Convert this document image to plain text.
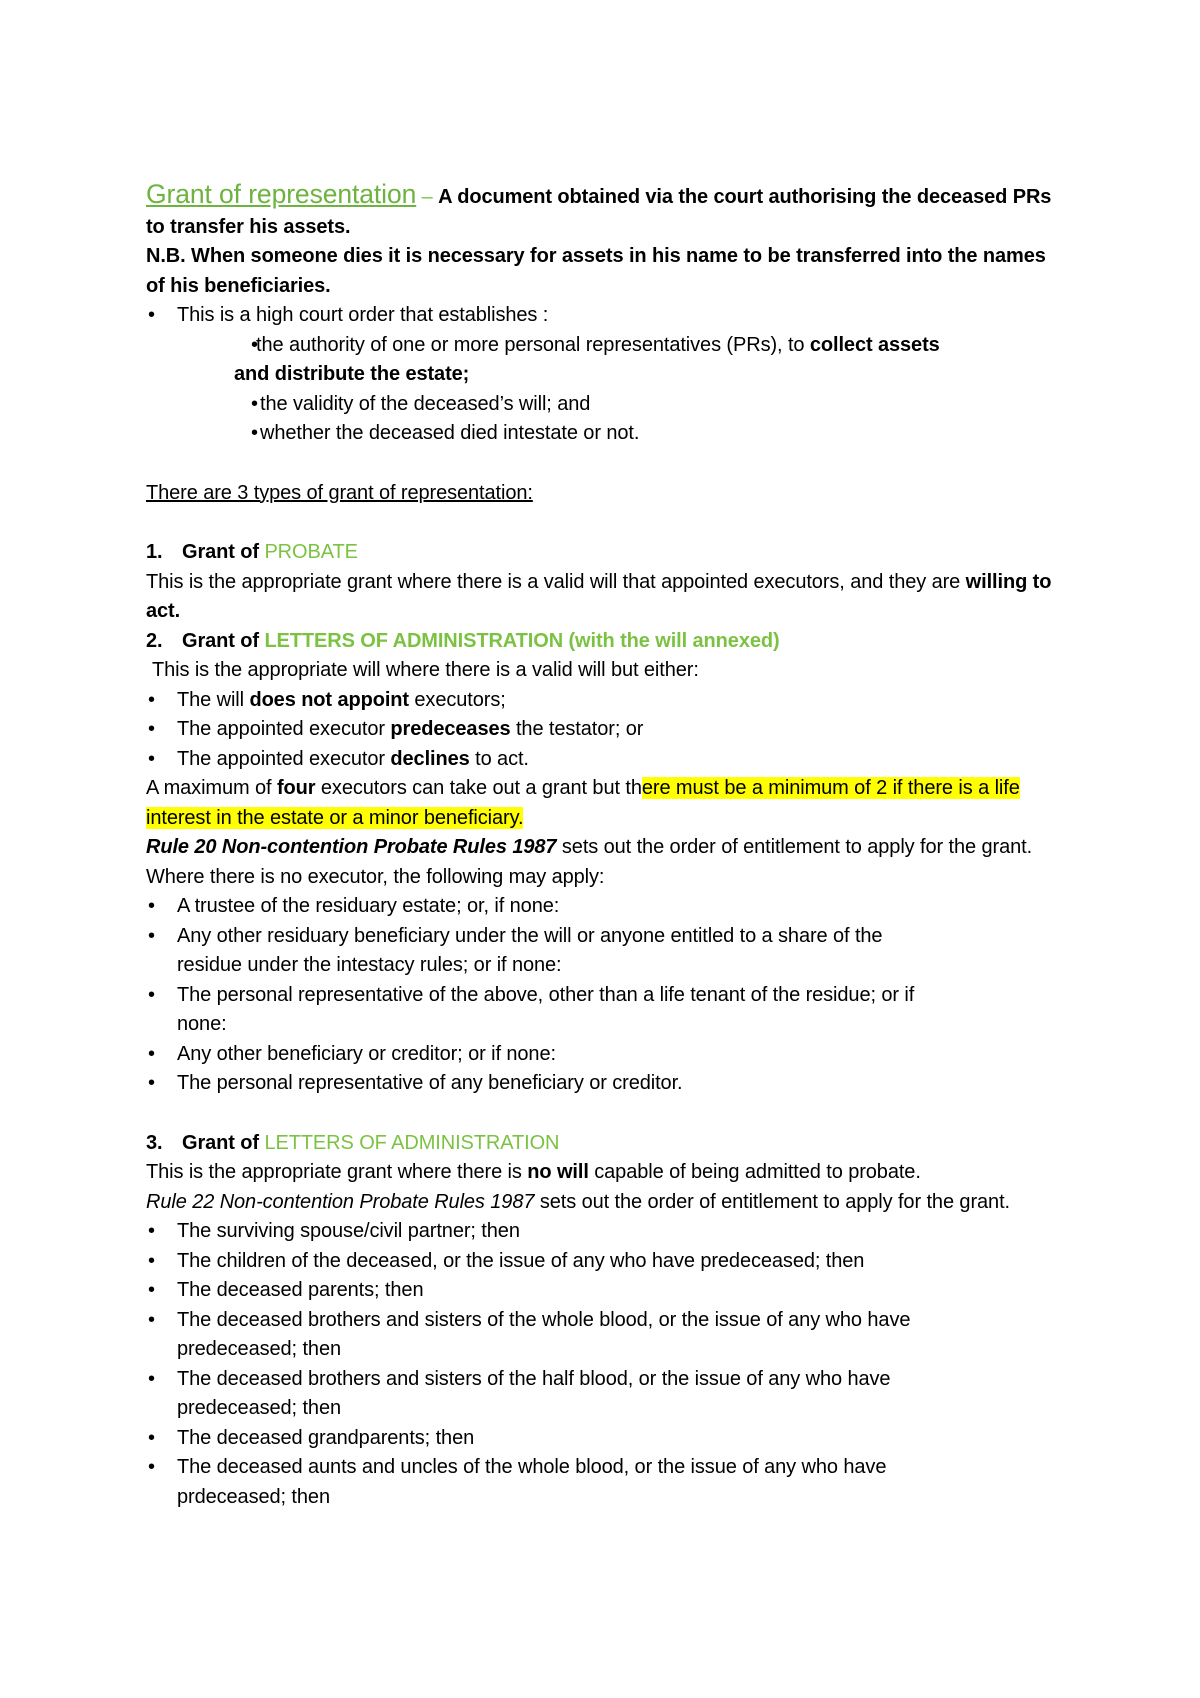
Grant of representation – A document obtained via the court authorising the deceased PRs to transfer his assets.

N.B. When someone dies it is necessary for assets in his name to be transferred into the names of his beneficiaries.

• This is a high court order that establishes :
• the authority of one or more personal representatives (PRs), to collect assets
and distribute the estate;
• the validity of the deceased’s will; and
• whether the deceased died intestate or not.

There are 3 types of grant of representation:

1. Grant of PROBATE

This is the appropriate grant where there is a valid will that appointed executors, and they are willing to act.

2. Grant of LETTERS OF ADMINISTRATION (with the will annexed)

This is the appropriate will where there is a valid will but either:

• The will does not appoint executors;
• The appointed executor predeceases the testator; or
• The appointed executor declines to act.

A maximum of four executors can take out a grant but there must be a minimum of 2 if there is a life interest in the estate or a minor beneficiary.

Rule 20 Non-contention Probate Rules 1987 sets out the order of entitlement to apply for the grant. Where there is no executor, the following may apply:

• A trustee of the residuary estate; or, if none:
• Any other residuary beneficiary under the will or anyone entitled to a share of the
residue under the intestacy rules; or if none:
• The personal representative of the above, other than a life tenant of the residue; or if
none:
• Any other beneficiary or creditor; or if none:
• The personal representative of any beneficiary or creditor.
3. Grant of LETTERS OF ADMINISTRATION

This is the appropriate grant where there is no will capable of being admitted to probate.

Rule 22 Non-contention Probate Rules 1987 sets out the order of entitlement to apply for the grant.

• The surviving spouse/civil partner; then
• The children of the deceased, or the issue of any who have predeceased; then
• The deceased parents; then
• The deceased brothers and sisters of the whole blood, or the issue of any who have
predeceased; then
• The deceased brothers and sisters of the half blood, or the issue of any who have
predeceased; then
• The deceased grandparents; then
• The deceased aunts and uncles of the whole blood, or the issue of any who have
prdeceased; then
